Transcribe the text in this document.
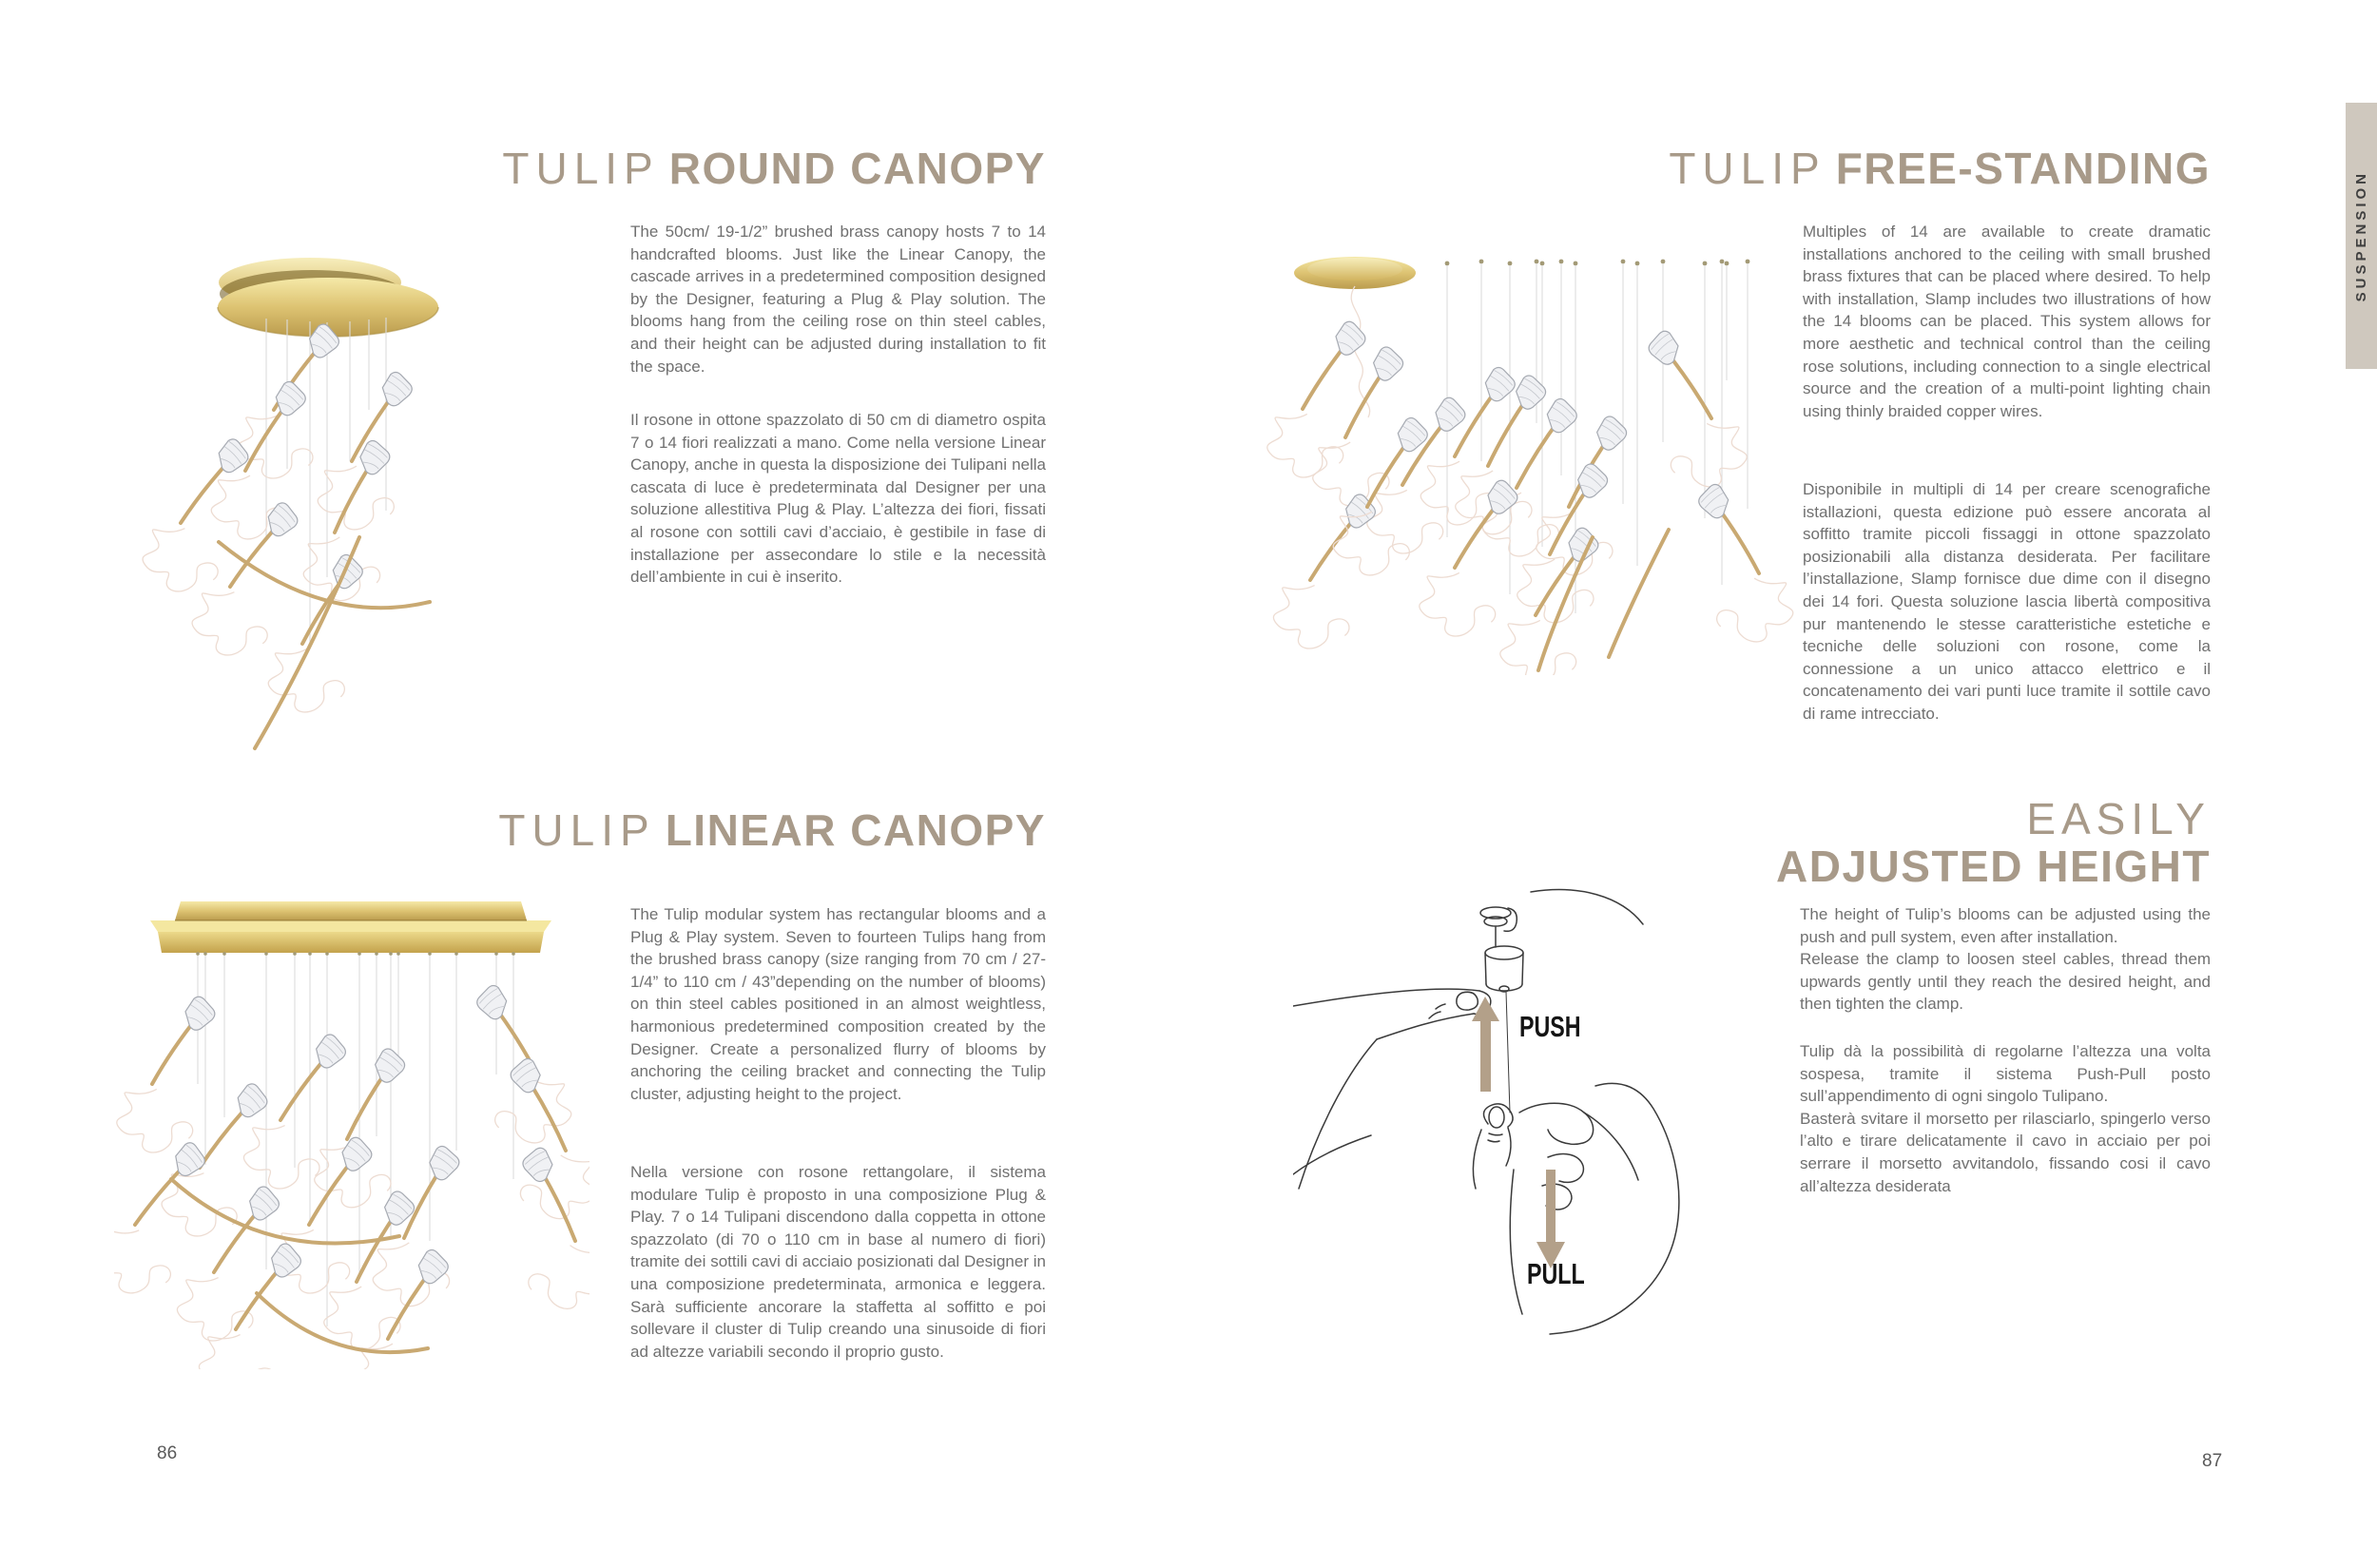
TULIP ROUND CANOPY
The 50cm/ 19-1/2” brushed brass canopy hosts 7 to 14 handcrafted blooms. Just like the Linear Canopy, the cascade arrives in a predetermined composition designed by the Designer, featuring a Plug & Play solution. The blooms hang from the ceiling rose on thin steel cables, and their height can be adjusted during installation to fit the space.
Il rosone in ottone spazzolato di 50 cm di diametro ospita 7 o 14 fiori realizzati a mano. Come nella versione Linear Canopy, anche in questa la disposizione dei Tulipani nella cascata di luce è predeterminata dal Designer per una soluzione allestitiva Plug & Play. L’altezza dei fiori, fissati al rosone con sottili cavi d’acciaio, è gestibile in fase di installazione per assecondare lo stile e la necessità dell’ambiente in cui è inserito.
TULIP LINEAR CANOPY
The Tulip modular system has rectangular blooms and a Plug & Play system. Seven to fourteen Tulips hang from the brushed brass canopy (size ranging from 70 cm / 27-1/4” to 110 cm / 43”depending on the number of blooms) on thin steel cables positioned in an almost weightless, harmonious predetermined composition created by the Designer. Create a personalized flurry of blooms by anchoring the ceiling bracket and connecting the Tulip cluster, adjusting height to the project.
Nella versione con rosone rettangolare, il sistema modulare Tulip è proposto in una composizione Plug & Play. 7 o 14 Tulipani discendono dalla coppetta in ottone spazzolato (di 70 o 110 cm in base al numero di fiori) tramite dei sottili cavi di acciaio posizionati dal Designer in una composizione predeterminata, armonica e leggera. Sarà sufficiente ancorare la staffetta al soffitto e poi sollevare il cluster di Tulip creando una sinusoide di fiori ad altezze variabili secondo il proprio gusto.
86
TULIP FREE-STANDING
Multiples of 14 are available to create dramatic installations anchored to the ceiling with small brushed brass fixtures that can be placed where desired. To help with installation, Slamp includes two illustrations of how the 14 blooms can be placed. This system allows for more aesthetic and technical control than the ceiling rose solutions, including connection to a single electrical source and the creation of a multi-point lighting chain using thinly braided copper wires.
Disponibile in multipli di 14 per creare scenografiche istallazioni, questa edizione può essere ancorata al soffitto tramite piccoli fissaggi in ottone spazzolato posizionabili alla distanza desiderata. Per facilitare l’installazione, Slamp fornisce due dime con il disegno dei 14 fori. Questa soluzione lascia libertà compositiva pur mantenendo le stesse caratteristiche estetiche e tecniche delle soluzioni con rosone, come la connessione a un unico attacco elettrico e il concatenamento dei vari punti luce tramite il sottile cavo di rame intrecciato.
EASILY
ADJUSTED HEIGHT
The height of Tulip’s blooms can be adjusted using the push and pull system, even after installation.
Release the clamp to loosen steel cables, thread them upwards gently until they reach the desired height, and then tighten the clamp.
Tulip dà la possibilità di regolarne l’altezza una volta sospesa, tramite il sistema Push-Pull posto sull’appendimento di ogni singolo Tulipano.
Basterà svitare il morsetto per rilasciarlo, spingerlo verso l’alto e tirare delicatamente il cavo in acciaio per poi serrare il morsetto avvitandolo, fissando cosi il cavo all’altezza desiderata
PUSH
PULL
SUSPENSION
87
